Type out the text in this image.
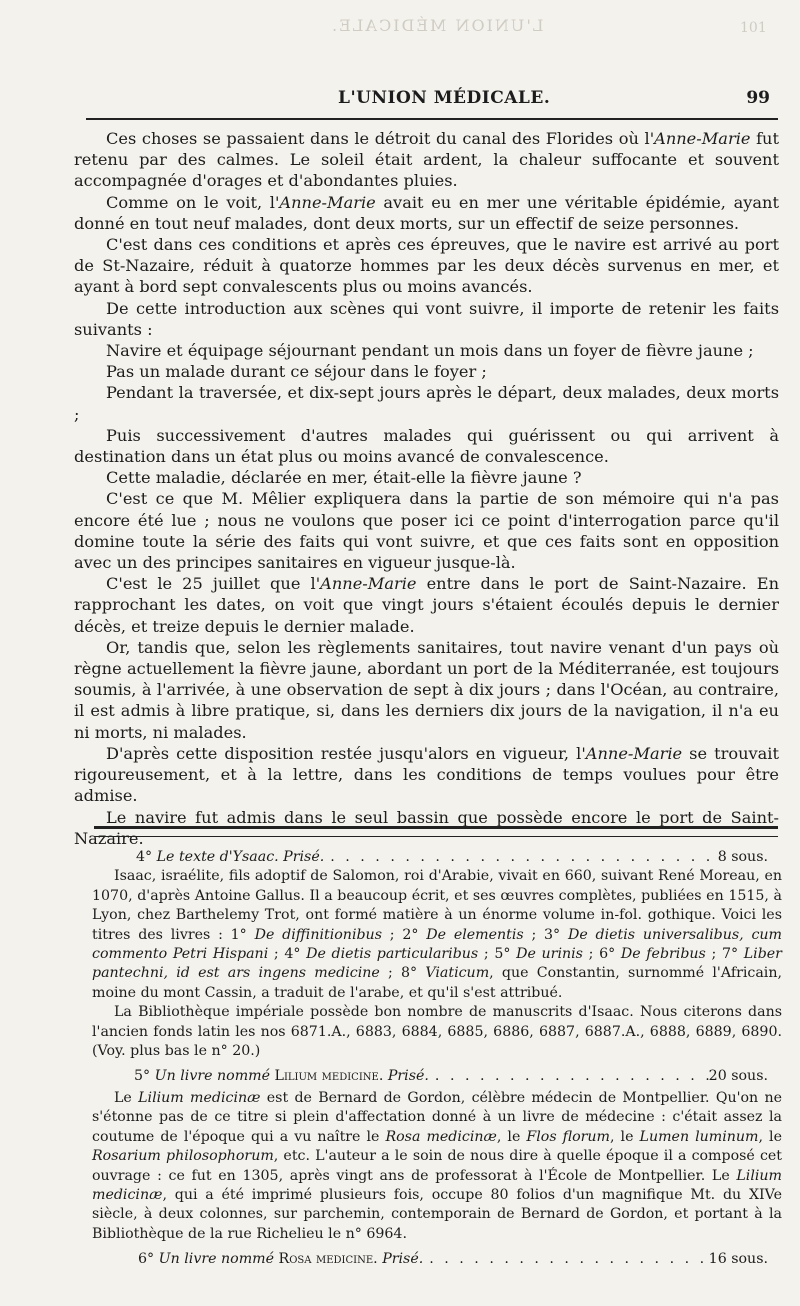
L'UNION MÉDICALE.	101
L'UNION MÉDICALE.	99

Ces choses se passaient dans le détroit du canal des Florides où l'Anne-Marie fut retenu par des calmes. Le soleil était ardent, la chaleur suffocante et souvent accompagnée d'orages et d'abondantes pluies.

Comme on le voit, l'Anne-Marie avait eu en mer une véritable épidémie, ayant donné en tout neuf malades, dont deux morts, sur un effectif de seize personnes.

C'est dans ces conditions et après ces épreuves, que le navire est arrivé au port de St-Nazaire, réduit à quatorze hommes par les deux décès survenus en mer, et ayant à bord sept convalescents plus ou moins avancés.

De cette introduction aux scènes qui vont suivre, il importe de retenir les faits suivants :

Navire et équipage séjournant pendant un mois dans un foyer de fièvre jaune ;

Pas un malade durant ce séjour dans le foyer ;

Pendant la traversée, et dix-sept jours après le départ, deux malades, deux morts ;

Puis successivement d'autres malades qui guérissent ou qui arrivent à destination dans un état plus ou moins avancé de convalescence.

Cette maladie, déclarée en mer, était-elle la fièvre jaune ?

C'est ce que M. Mêlier expliquera dans la partie de son mémoire qui n'a pas encore été lue ; nous ne voulons que poser ici ce point d'interrogation parce qu'il domine toute la série des faits qui vont suivre, et que ces faits sont en opposition avec un des principes sanitaires en vigueur jusque-là.

C'est le 25 juillet que l'Anne-Marie entre dans le port de Saint-Nazaire. En rapprochant les dates, on voit que vingt jours s'étaient écoulés depuis le dernier décès, et treize depuis le dernier malade.

Or, tandis que, selon les règlements sanitaires, tout navire venant d'un pays où règne actuellement la fièvre jaune, abordant un port de la Méditerranée, est toujours soumis, à l'arrivée, à une observation de sept à dix jours ; dans l'Océan, au contraire, il est admis à libre pratique, si, dans les derniers dix jours de la navigation, il n'a eu ni morts, ni malades.

D'après cette disposition restée jusqu'alors en vigueur, l'Anne-Marie se trouvait rigoureusement, et à la lettre, dans les conditions de temps voulues pour être admise.

Le navire fut admis dans le seul bassin que possède encore le port de Saint-Nazaire.

4° Le texte d'Ysaac. Prisé. . . .	8 sous.

Isaac, israélite, fils adoptif de Salomon, roi d'Arabie, vivait en 660, suivant René Moreau, en 1070, d'après Antoine Gallus. Il a beaucoup écrit, et ses œuvres complètes, publiées en 1515, à Lyon, chez Barthelemy Trot, ont formé matière à un énorme volume in-fol. gothique. Voici les titres des livres : 1° De diffinitionibus ; 2° De elementis ; 3° De dietis universalibus, cum commento Petri Hispani ; 4° De dietis particularibus ; 5° De urinis ; 6° De febribus ; 7° Liber pantechni, id est ars ingens medicine ; 8° Viaticum, que Constantin, surnommé l'Africain, moine du mont Cassin, a traduit de l'arabe, et qu'il s'est attribué.

La Bibliothèque impériale possède bon nombre de manuscrits d'Isaac. Nous citerons dans l'ancien fonds latin les nos 6871.A., 6883, 6884, 6885, 6886, 6887, 6887.A., 6888, 6889, 6890. (Voy. plus bas le n° 20.)

5° Un livre nommé Lilium medicine. Prisé. . . .	20 sous.

Le Lilium medicinæ est de Bernard de Gordon, célèbre médecin de Montpellier. Qu'on ne s'étonne pas de ce titre si plein d'affectation donné à un livre de médecine : c'était assez la coutume de l'époque qui a vu naître le Rosa medicinæ, le Flos florum, le Lumen luminum, le Rosarium philosophorum, etc. L'auteur a le soin de nous dire à quelle époque il a composé cet ouvrage : ce fut en 1305, après vingt ans de professorat à l'École de Montpellier. Le Lilium medicinæ, qui a été imprimé plusieurs fois, occupe 80 folios d'un magnifique Mt. du XIVe siècle, à deux colonnes, sur parchemin, contemporain de Bernard de Gordon, et portant à la Bibliothèque de la rue Richelieu le n° 6964.

6° Un livre nommé Rosa medicine. Prisé. . . .	16 sous.
